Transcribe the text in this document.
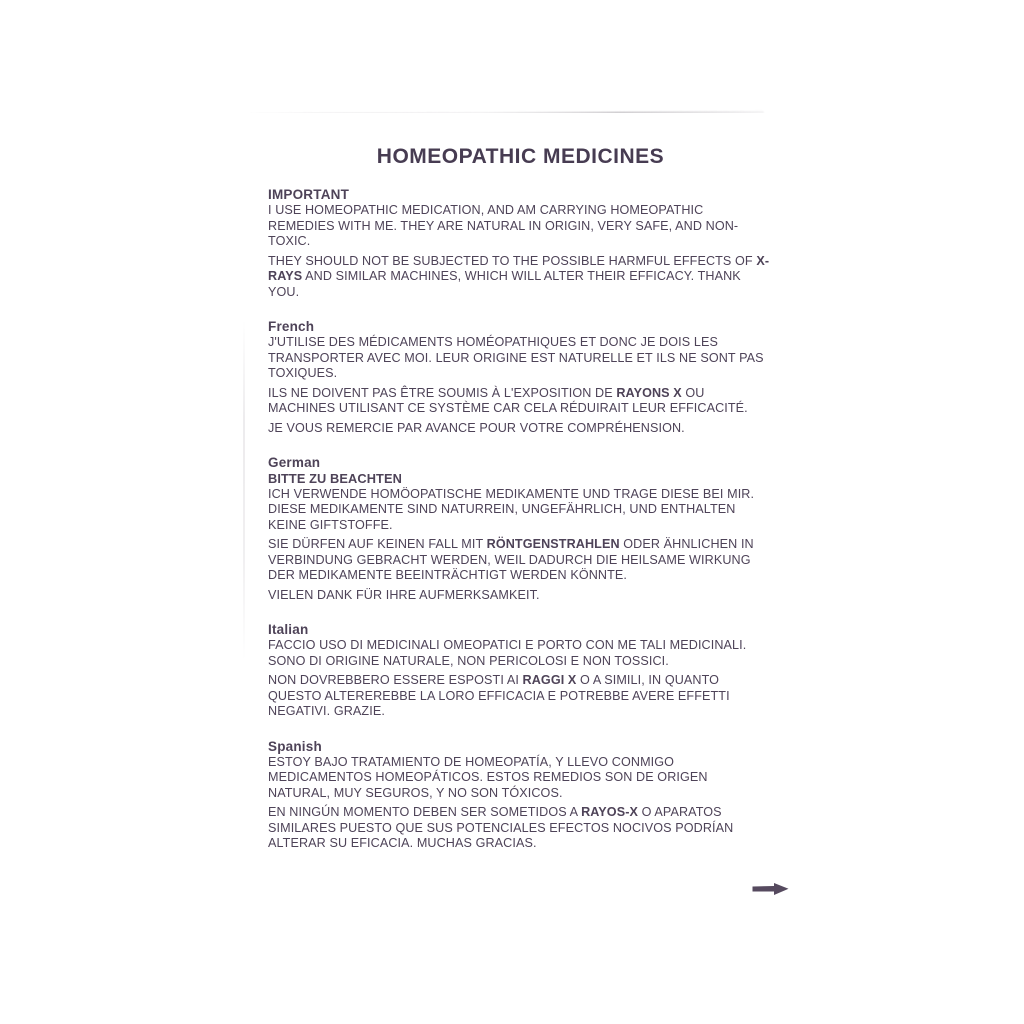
HOMEOPATHIC MEDICINES
IMPORTANT

I USE HOMEOPATHIC MEDICATION, AND AM CARRYING HOMEOPATHIC REMEDIES WITH ME. THEY ARE NATURAL IN ORIGIN, VERY SAFE, AND NON-TOXIC.

THEY SHOULD NOT BE SUBJECTED TO THE POSSIBLE HARMFUL EFFECTS OF X-RAYS AND SIMILAR MACHINES, WHICH WILL ALTER THEIR EFFICACY. THANK YOU.

French

J'UTILISE DES MÉDICAMENTS HOMÉOPATHIQUES ET DONC JE DOIS LES TRANSPORTER AVEC MOI. LEUR ORIGINE EST NATURELLE ET ILS NE SONT PAS TOXIQUES.

ILS NE DOIVENT PAS ÊTRE SOUMIS À L'EXPOSITION DE RAYONS X OU MACHINES UTILISANT CE SYSTÈME CAR CELA RÉDUIRAIT LEUR EFFICACITÉ.

JE VOUS REMERCIE PAR AVANCE POUR VOTRE COMPRÉHENSION.

German
BITTE ZU BEACHTEN

ICH VERWENDE HOMÖOPATISCHE MEDIKAMENTE UND TRAGE DIESE BEI MIR. DIESE MEDIKAMENTE SIND NATURREIN, UNGEFÄHRLICH, UND ENTHALTEN KEINE GIFTSTOFFE.

SIE DÜRFEN AUF KEINEN FALL MIT RÖNTGENSTRAHLEN ODER ÄHNLICHEN IN VERBINDUNG GEBRACHT WERDEN, WEIL DADURCH DIE HEILSAME WIRKUNG DER MEDIKAMENTE BEEINTRÄCHTIGT WERDEN KÖNNTE.

VIELEN DANK FÜR IHRE AUFMERKSAMKEIT.

Italian

FACCIO USO DI MEDICINALI OMEOPATICI E PORTO CON ME TALI MEDICINALI. SONO DI ORIGINE NATURALE, NON PERICOLOSI E NON TOSSICI.

NON DOVREBBERO ESSERE ESPOSTI AI RAGGI X O A SIMILI, IN QUANTO QUESTO ALTEREREBBE LA LORO EFFICACIA E POTREBBE AVERE EFFETTI NEGATIVI. GRAZIE.

Spanish

ESTOY BAJO TRATAMIENTO DE HOMEOPATÍA, Y LLEVO CONMIGO MEDICAMENTOS HOMEOPÁTICOS. ESTOS REMEDIOS SON DE ORIGEN NATURAL, MUY SEGUROS, Y NO SON TÓXICOS.

EN NINGÚN MOMENTO DEBEN SER SOMETIDOS A RAYOS-X O APARATOS SIMILARES PUESTO QUE SUS POTENCIALES EFECTOS NOCIVOS PODRÍAN ALTERAR SU EFICACIA. MUCHAS GRACIAS.
